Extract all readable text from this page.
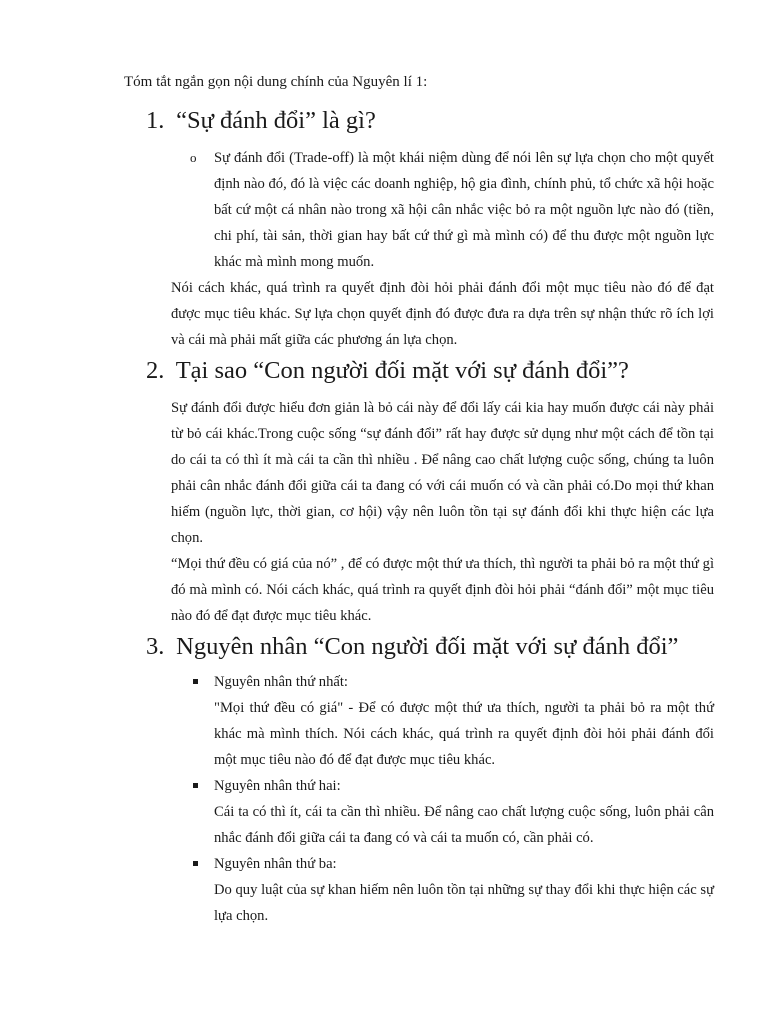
Tóm tắt ngắn gọn nội dung chính của Nguyên lí 1:
1. “Sự đánh đổi” là gì?
o Sự đánh đổi (Trade-off) là một khái niệm dùng để nói lên sự lựa chọn cho một quyết định nào đó, đó là việc các doanh nghiệp, hộ gia đình, chính phủ, tổ chức xã hội hoặc bất cứ một cá nhân nào trong xã hội cân nhắc việc bỏ ra một nguồn lực nào đó (tiền, chi phí, tài sản, thời gian hay bất cứ thứ gì mà mình có) để thu được một nguồn lực khác mà mình mong muốn.
Nói cách khác, quá trình ra quyết định đòi hỏi phải đánh đổi một mục tiêu nào đó để đạt được mục tiêu khác. Sự lựa chọn quyết định đó được đưa ra dựa trên sự nhận thức rõ ích lợi và cái mà phải mất giữa các phương án lựa chọn.
2. Tại sao “Con người đối mặt với sự đánh đổi”?
Sự đánh đổi được hiểu đơn giản là bỏ cái này để đổi lấy cái kia hay muốn được cái này phải từ bỏ cái khác.Trong cuộc sống “sự đánh đổi” rất hay được sử dụng như một cách để tồn tại do cái ta có thì ít mà cái ta cần thì nhiều . Để nâng cao chất lượng cuộc sống, chúng ta luôn phải cân nhắc đánh đổi giữa cái ta đang có với cái muốn có và cần phải có.Do mọi thứ khan hiếm (nguồn lực, thời gian, cơ hội) vậy nên luôn tồn tại sự đánh đổi khi thực hiện các lựa chọn.
“Mọi thứ đều có giá của nó” , để có được một thứ ưa thích, thì người ta phải bỏ ra một thứ gì đó mà mình có. Nói cách khác, quá trình ra quyết định đòi hỏi phải “đánh đổi” một mục tiêu nào đó để đạt được mục tiêu khác.
3. Nguyên nhân “Con người đối mặt với sự đánh đổi”
Nguyên nhân thứ nhất:
"Mọi thứ đều có giá" - Để có được một thứ ưa thích, người ta phải bỏ ra một thứ khác mà mình thích. Nói cách khác, quá trình ra quyết định đòi hỏi phải đánh đổi một mục tiêu nào đó để đạt được mục tiêu khác.
Nguyên nhân thứ hai:
Cái ta có thì ít, cái ta cần thì nhiều. Để nâng cao chất lượng cuộc sống, luôn phải cân nhắc đánh đổi giữa cái ta đang có và cái ta muốn có, cần phải có.
Nguyên nhân thứ ba:
Do quy luật của sự khan hiếm nên luôn tồn tại những sự thay đổi khi thực hiện các sự lựa chọn.
